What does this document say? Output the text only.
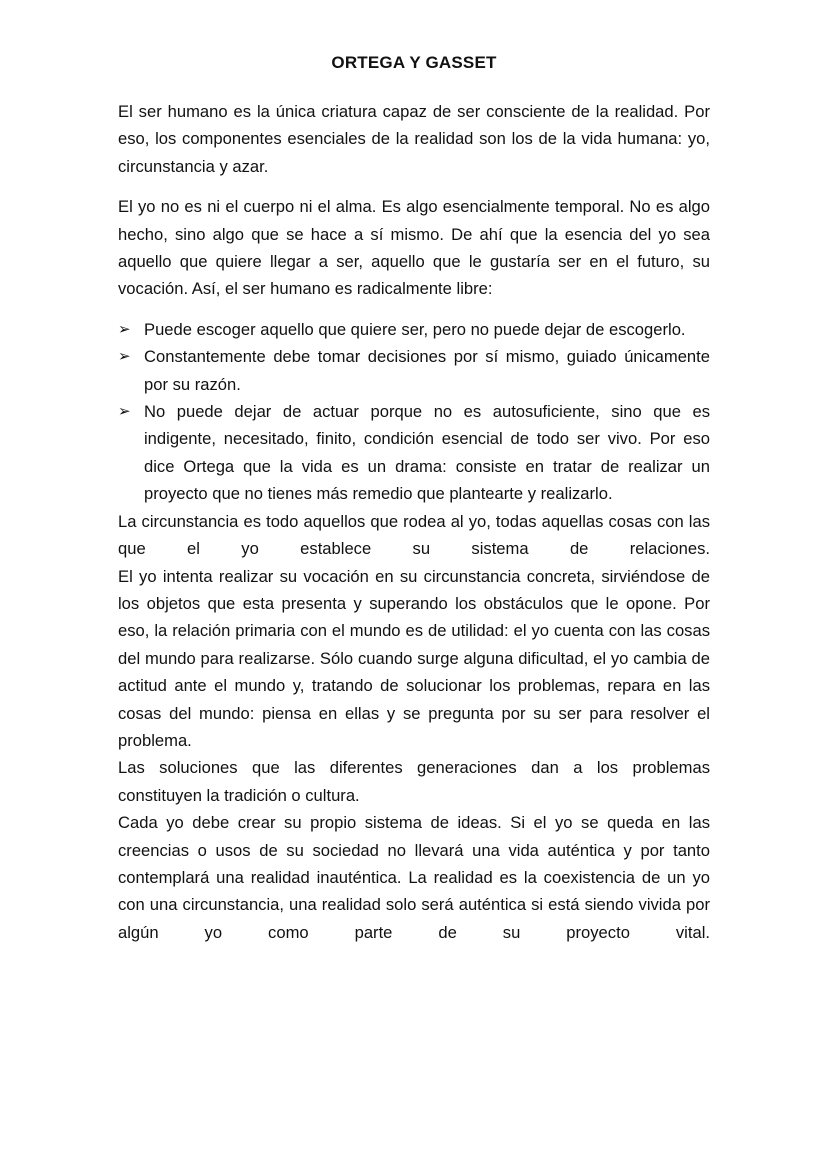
ORTEGA Y GASSET

El ser humano es la única criatura capaz de ser consciente de la realidad. Por eso, los componentes esenciales de la realidad son los de la vida humana: yo, circunstancia y azar.

El yo no es ni el cuerpo ni el alma. Es algo esencialmente temporal. No es algo hecho, sino algo que se hace a sí mismo. De ahí que la esencia del yo sea aquello que quiere llegar a ser, aquello que le gustaría ser en el futuro, su vocación. Así, el ser humano es radicalmente libre:

➢ Puede escoger aquello que quiere ser, pero no puede dejar de escogerlo.
➢ Constantemente debe tomar decisiones por sí mismo, guiado únicamente por su razón.
➢ No puede dejar de actuar porque no es autosuficiente, sino que es indigente, necesitado, finito, condición esencial de todo ser vivo. Por eso dice Ortega que la vida es un drama: consiste en tratar de realizar un proyecto que no tienes más remedio que plantearte y realizarlo.

La circunstancia es todo aquellos que rodea al yo, todas aquellas cosas con las que el yo establece su sistema de relaciones.

El yo intenta realizar su vocación en su circunstancia concreta, sirviéndose de los objetos que esta presenta y superando los obstáculos que le opone. Por eso, la relación primaria con el mundo es de utilidad: el yo cuenta con las cosas del mundo para realizarse. Sólo cuando surge alguna dificultad, el yo cambia de actitud ante el mundo y, tratando de solucionar los problemas, repara en las cosas del mundo: piensa en ellas y se pregunta por su ser para resolver el problema.

Las soluciones que las diferentes generaciones dan a los problemas constituyen la tradición o cultura.

Cada yo debe crear su propio sistema de ideas. Si el yo se queda en las creencias o usos de su sociedad no llevará una vida auténtica y por tanto contemplará una realidad inauténtica. La realidad es la coexistencia de un yo con una circunstancia, una realidad solo será auténtica si está siendo vivida por algún yo como parte de su proyecto vital.
